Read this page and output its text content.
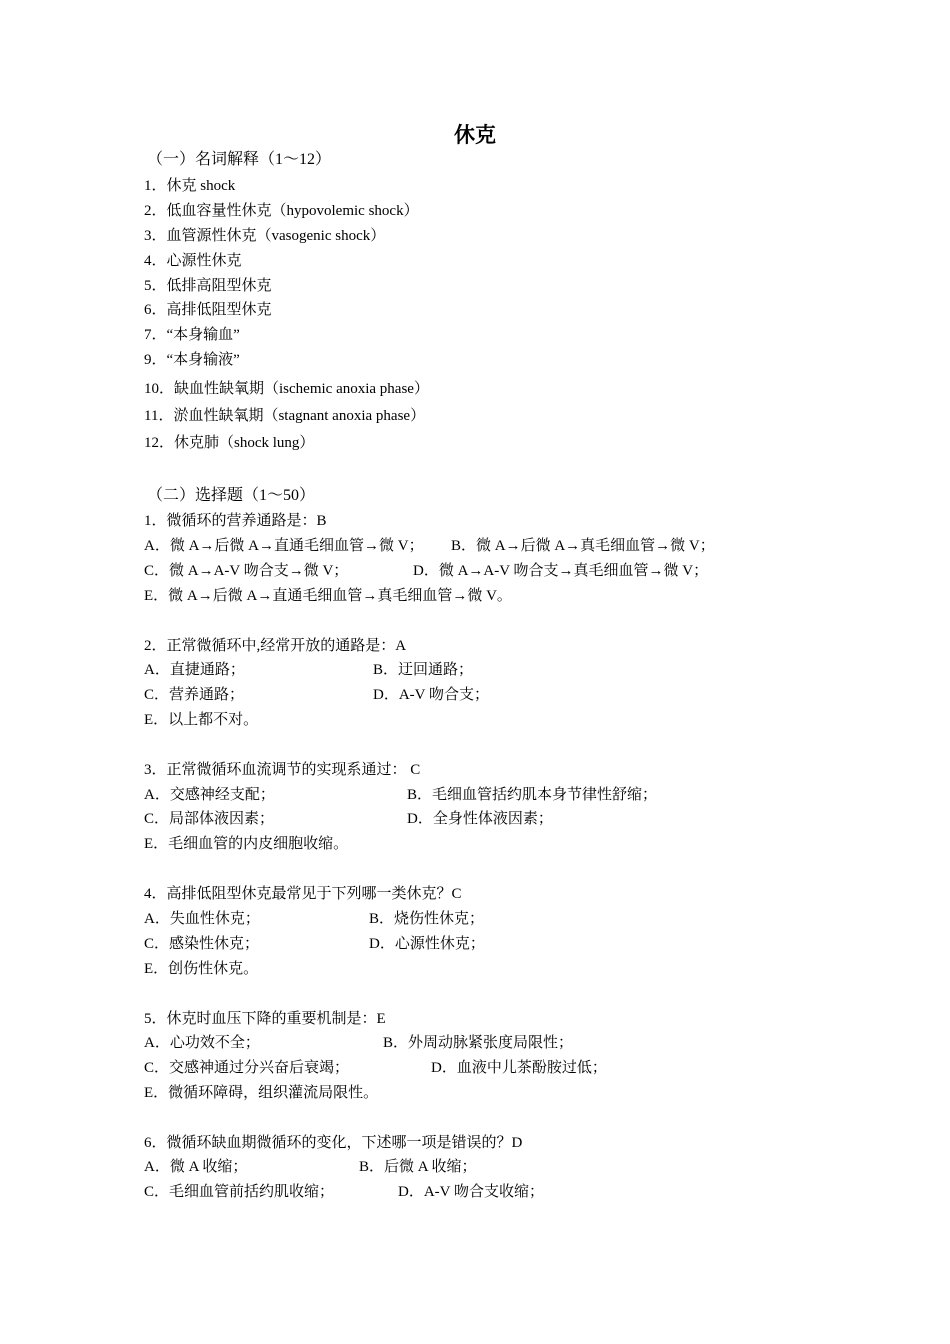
休克

（一）名词解释（1～12）

1．休克 shock

2．低血容量性休克（hypovolemic shock）

3．血管源性休克（vasogenic shock）

4．心源性休克

5．低排高阻型休克

6．高排低阻型休克

7．“本身输血”

9．“本身输液”

10．缺血性缺氧期（ischemic anoxia phase）

11．淤血性缺氧期（stagnant anoxia phase）

12．休克肺（shock lung）

（二）选择题（1～50）

1．微循环的营养通路是：B

A．微 A→后微 A→直通毛细血管→微 V； B．微 A→后微 A→真毛细血管→微 V；

C．微 A→A-V 吻合支→微 V；	D．微 A→A-V 吻合支→真毛细血管→微 V；

E．微 A→后微 A→直通毛细血管→真毛细血管→微 V。

2．正常微循环中,经常开放的通路是：A

A．直捷通路；	B．迂回通路；

C．营养通路；	D．A-V 吻合支；

E．以上都不对。

3．正常微循环血流调节的实现系通过： C

A．交感神经支配；	B．毛细血管括约肌本身节律性舒缩；

C．局部体液因素；	D．全身性体液因素；

E．毛细血管的内皮细胞收缩。

4．高排低阻型休克最常见于下列哪一类休克？C

A．失血性休克；	B．烧伤性休克；

C．感染性休克；	D．心源性休克；

E．创伤性休克。

5．休克时血压下降的重要机制是：E

A．心功效不全；	B．外周动脉紧张度局限性；

C．交感神通过分兴奋后衰竭；	D．血液中儿茶酚胺过低；

E．微循环障碍，组织灌流局限性。

6．微循环缺血期微循环的变化，下述哪一项是错误的？D

A．微 A 收缩；	B．后微 A 收缩；

C．毛细血管前括约肌收缩；	D．A-V 吻合支收缩；
